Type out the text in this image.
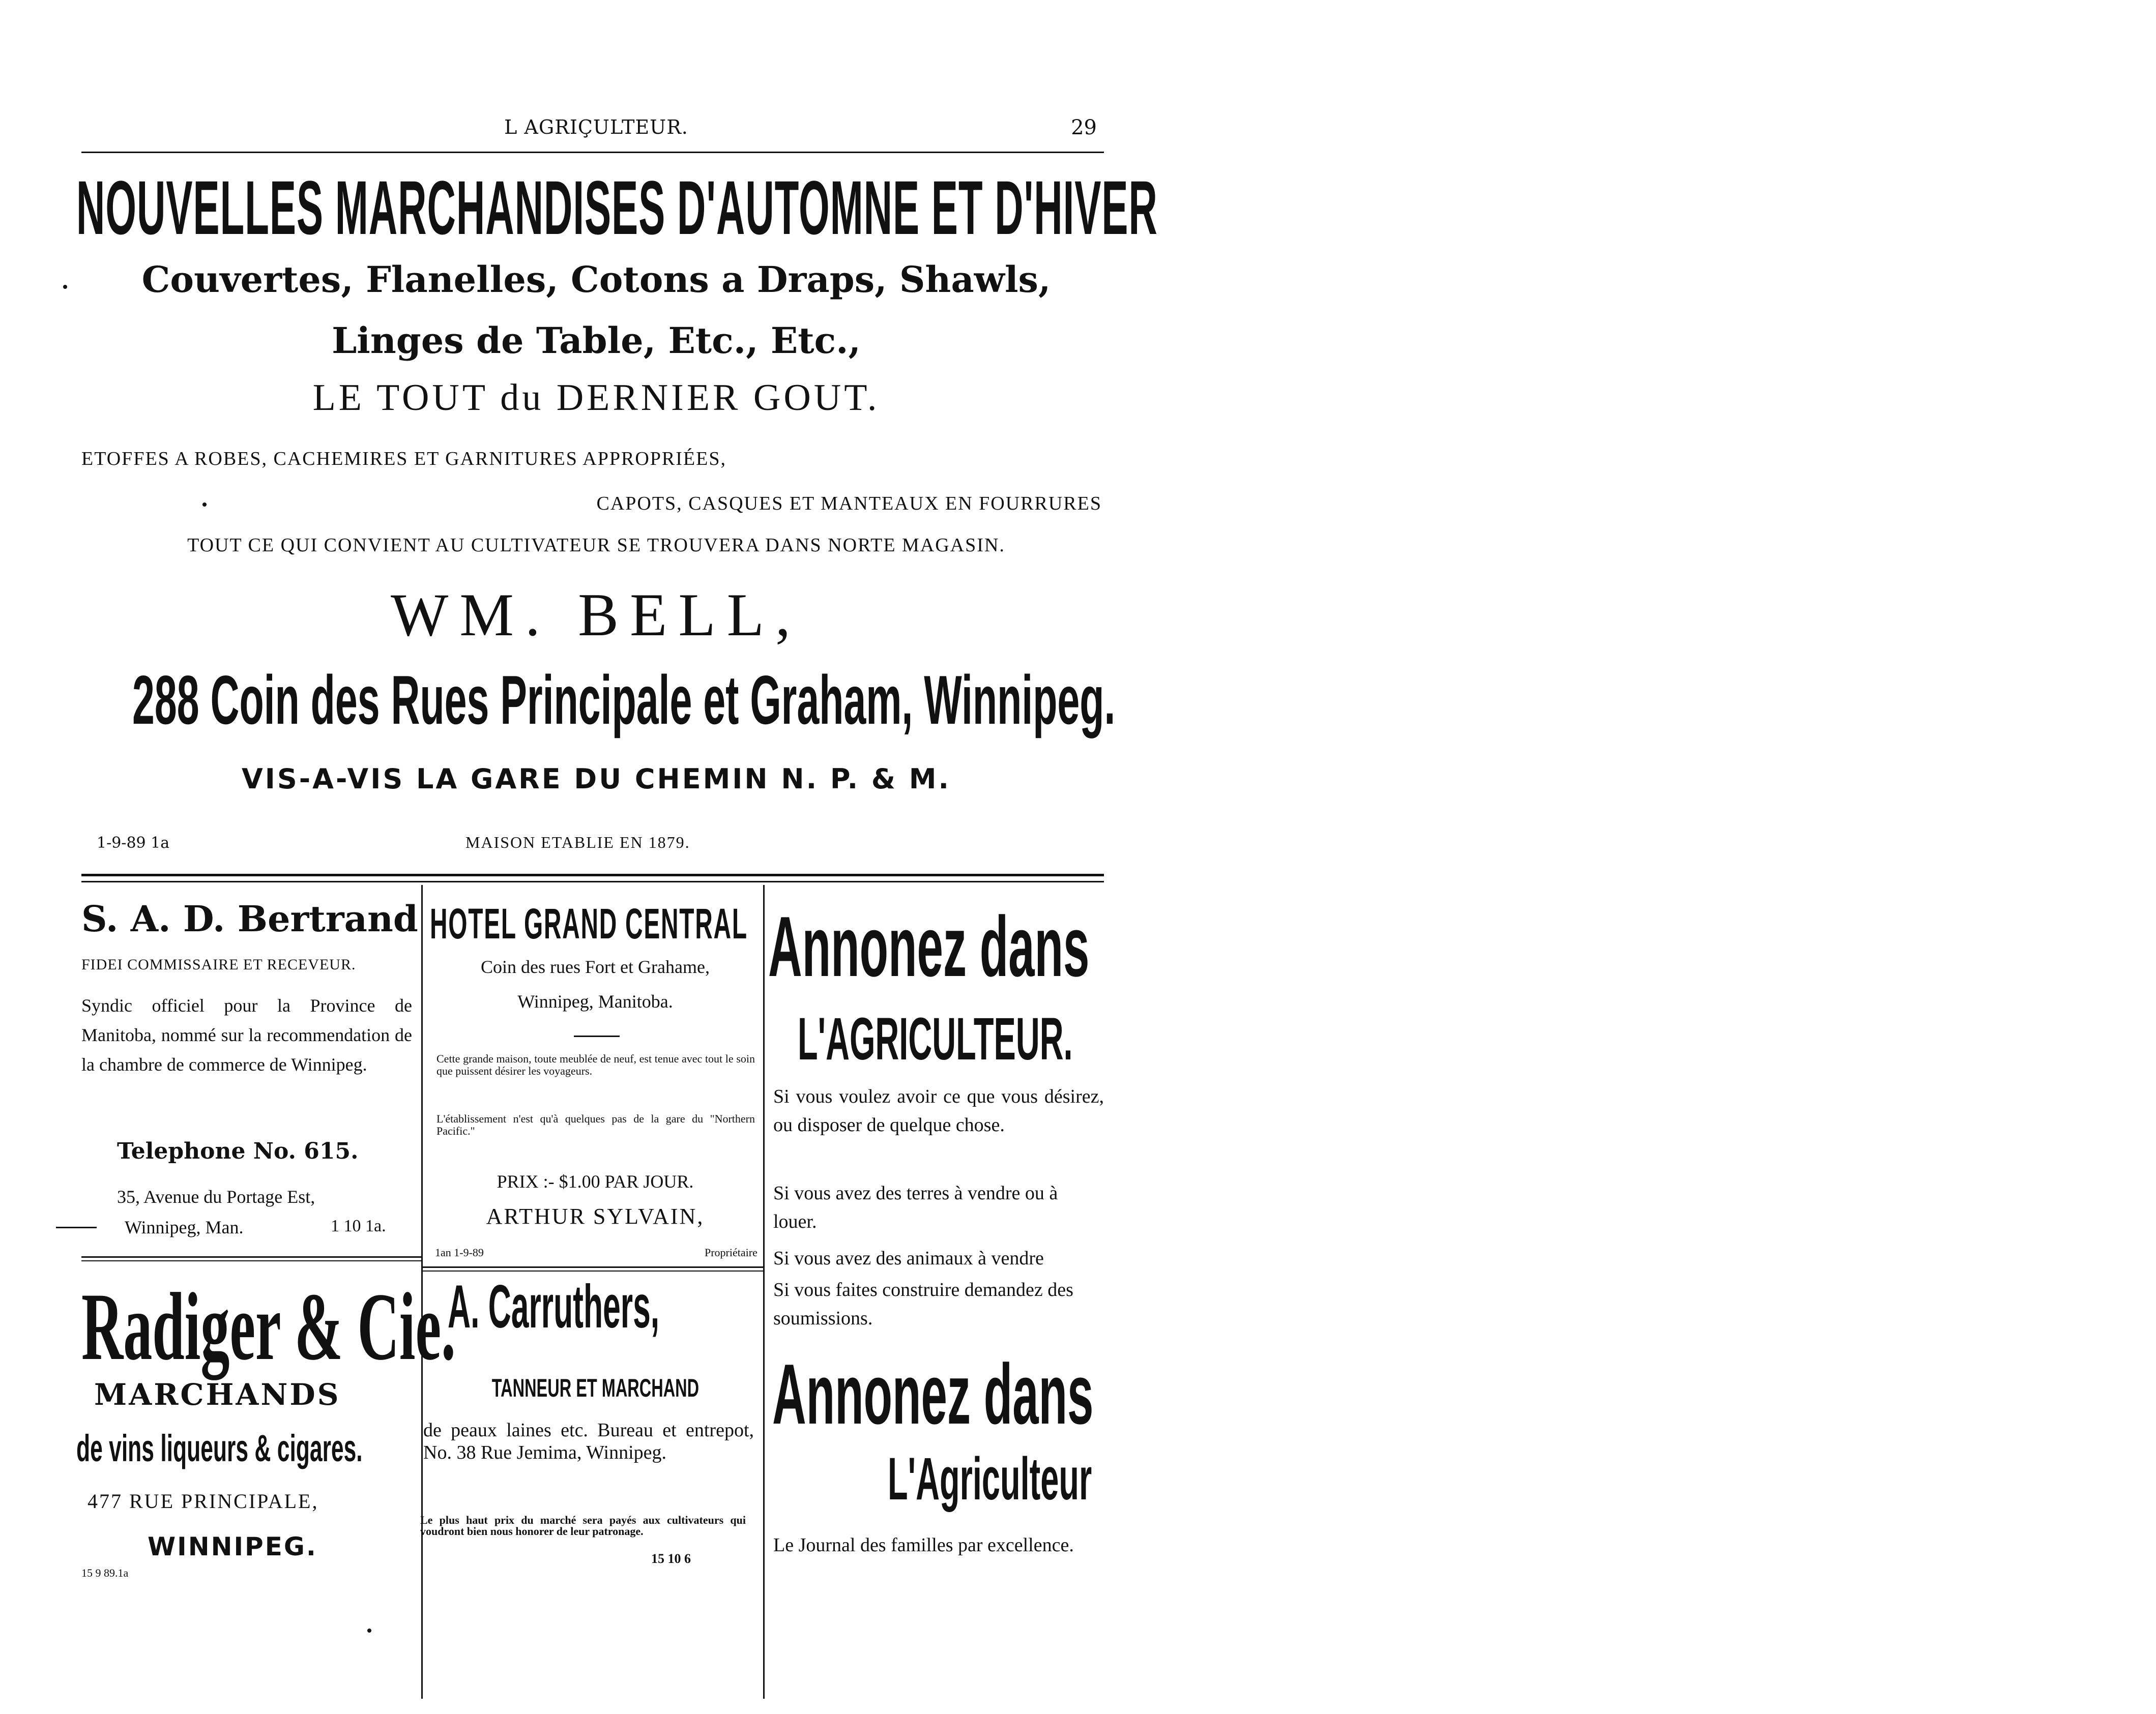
L AGRIÇULTEUR.	29
NOUVELLES MARCHANDISES D'AUTOMNE ET D'HIVER
Couvertes, Flanelles, Cotons a Draps, Shawls,
Linges de Table, Etc., Etc.,
LE TOUT du DERNIER GOUT.
ETOFFES A ROBES, CACHEMIRES ET GARNITURES APPROPRIÉES,
CAPOTS, CASQUES ET MANTEAUX EN FOURRURES
TOUT CE QUI CONVIENT AU CULTIVATEUR SE TROUVERA DANS NORTE MAGASIN.
WM. BELL,
288 Coin des Rues Principale et Graham, Winnipeg.
VIS-A-VIS LA GARE DU CHEMIN N. P. & M.
1-9-89 1a	MAISON ETABLIE EN 1879.
S. A. D. Bertrand
FIDEI COMMISSAIRE ET RECEVEUR.
Syndic officiel pour la Province de Manitoba, nommé sur la recommendation de la chambre de commerce de Winnipeg.
Telephone No. 615.
35, Avenue du Portage Est,
Winnipeg, Man.	1 10 1a.
Radiger & Cie.
MARCHANDS
de vins liqueurs & cigares.
477 RUE PRINCIPALE,
WINNIPEG.
15 9 89.1a
HOTEL GRAND CENTRAL
Coin des rues Fort et Grahame,
Winnipeg, Manitoba.
Cette grande maison, toute meublée de neuf, est tenue avec tout le soin que puissent désirer les voyageurs.
L'établissement n'est qu'à quelques pas de la gare du "Northern Pacific."
PRIX :- $1.00 PAR JOUR.
ARTHUR SYLVAIN,
1an 1-9-89	Propriétaire
A. Carruthers,
TANNEUR ET MARCHAND
de peaux laines etc. Bureau et entrepot, No. 38 Rue Jemima, Winnipeg.
Le plus haut prix du marché sera payés aux cultivateurs qui voudront bien nous honorer de leur patronage.
15 10 6
Annonez dans
L'AGRICULTEUR.
Si vous voulez avoir ce que vous désirez, ou disposer de quelque chose.
Si vous avez des terres à vendre ou à louer.
Si vous avez des animaux à vendre
Si vous faites construire demandez des soumissions.
Annonez dans
L'Agriculteur
Le Journal des familles par excellence.
